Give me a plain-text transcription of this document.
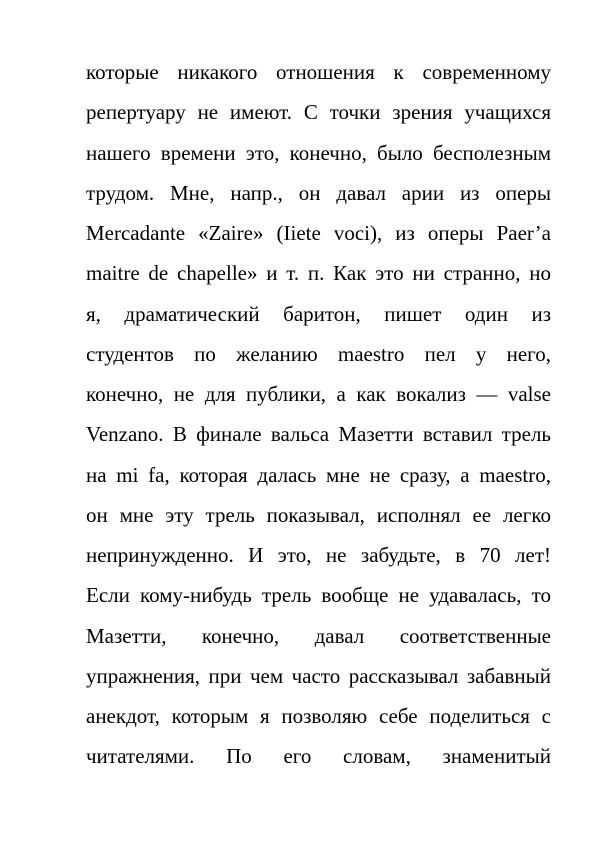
которые никакого отношения к современному
репертуару не имеют. С точки зрения учащихся
нашего времени это, конечно, было бесполезным
трудом. Мне, напр., он давал арии из оперы
Mercadante «Zaire» (Iiete voci), из оперы Paer’a
maitre de chapelle» и т. п. Как это ни странно, но
я, драматический баритон, пишет один из
студентов по желанию maestro пел у него,
конечно, не для публики, а как вокализ — valse
Venzano. В финале вальса Мазетти вставил трель
на mi fa, которая далась мне не сразу, а maestro,
он мне эту трель показывал, исполнял ее легко
непринужденно. И это, не забудьте, в 70 лет!
Если кому-нибудь трель вообще не удавалась, то
Мазетти, конечно, давал соответственные
упражнения, при чем часто рассказывал забавный
анекдот, которым я позволяю себе поделиться с
читателями. По его словам, знаменитый
